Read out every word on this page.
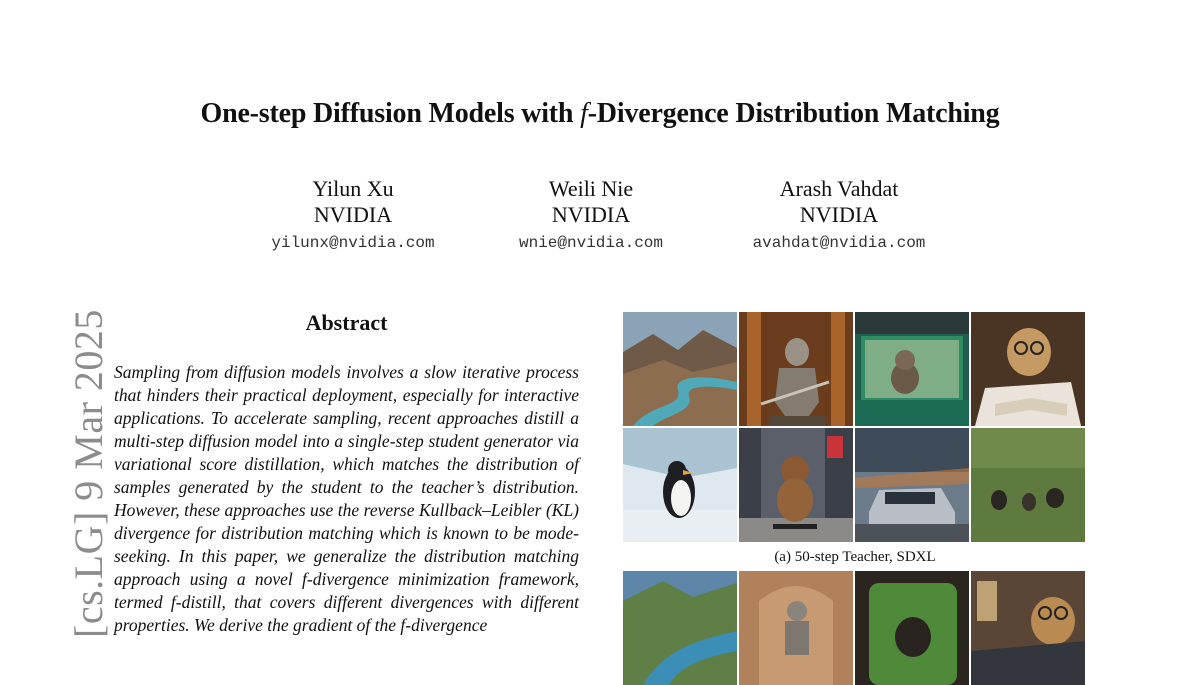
[cs.LG] 9 Mar 2025
One-step Diffusion Models with f-Divergence Distribution Matching
Yilun Xu
NVIDIA
yilunx@nvidia.com
Weili Nie
NVIDIA
wnie@nvidia.com
Arash Vahdat
NVIDIA
avahdat@nvidia.com
Abstract
Sampling from diffusion models involves a slow iterative process that hinders their practical deployment, especially for interactive applications. To accelerate sampling, recent approaches distill a multi-step diffusion model into a single-step student generator via variational score distillation, which matches the distribution of samples generated by the student to the teacher’s distribution. However, these approaches use the reverse Kullback–Leibler (KL) divergence for distribution matching which is known to be mode-seeking. In this paper, we generalize the distribution matching approach using a novel f-divergence minimization framework, termed f-distill, that covers different divergences with different properties. We derive the gradient of the f-divergence
(a) 50-step Teacher, SDXL
